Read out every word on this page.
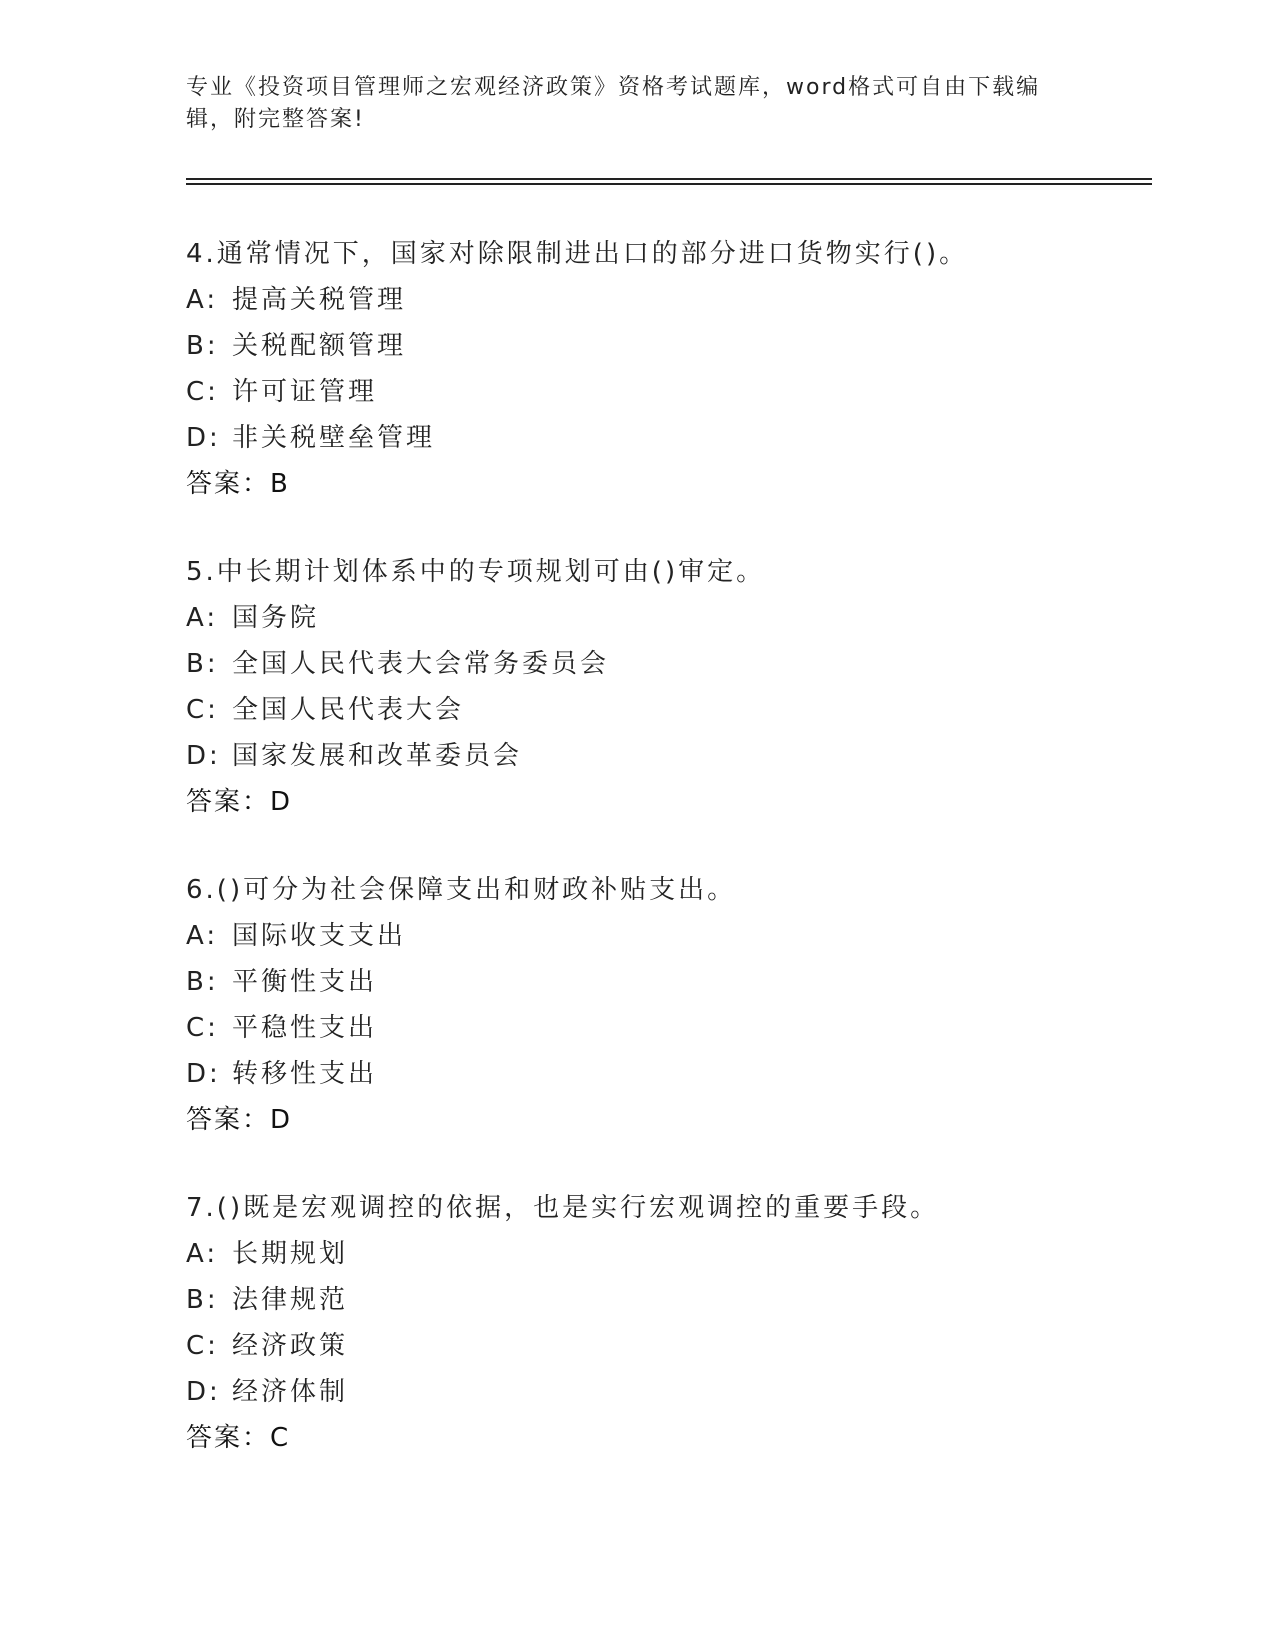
专业《投资项目管理师之宏观经济政策》资格考试题库，word格式可自由下载编
辑，附完整答案!
4.通常情况下，国家对除限制进出口的部分进口货物实行()。
A: 提高关税管理
B: 关税配额管理
C: 许可证管理
D: 非关税壁垒管理
答案：B
5.中长期计划体系中的专项规划可由()审定。
A: 国务院
B: 全国人民代表大会常务委员会
C: 全国人民代表大会
D: 国家发展和改革委员会
答案：D
6.()可分为社会保障支出和财政补贴支出。
A: 国际收支支出
B: 平衡性支出
C: 平稳性支出
D: 转移性支出
答案：D
7.()既是宏观调控的依据，也是实行宏观调控的重要手段。
A: 长期规划
B: 法律规范
C: 经济政策
D: 经济体制
答案：C
